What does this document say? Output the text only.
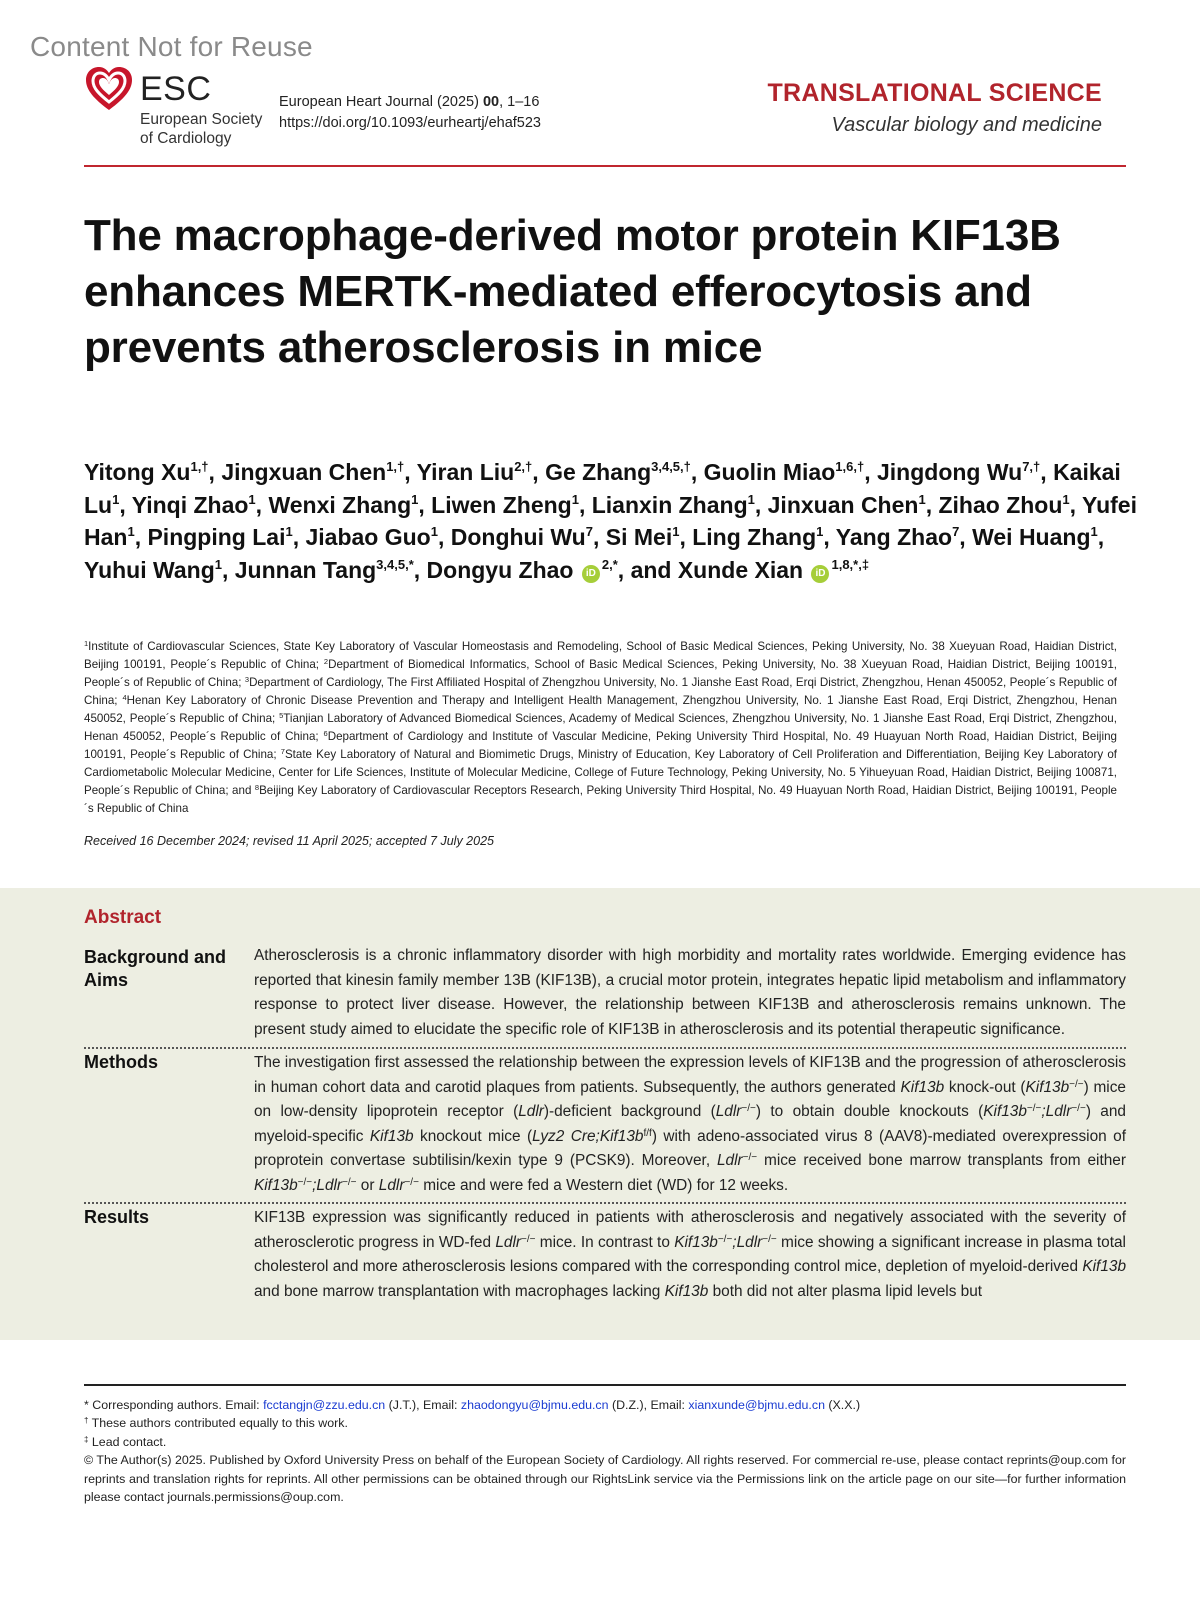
Content Not for Reuse
ESC
European Society
of Cardiology
European Heart Journal (2025) 00, 1–16
https://doi.org/10.1093/eurheartj/ehaf523
TRANSLATIONAL SCIENCE
Vascular biology and medicine
The macrophage-derived motor protein KIF13B enhances MERTK-mediated efferocytosis and prevents atherosclerosis in mice
Yitong $Xu^{1,\dagger}$, Jingxuan Chen$^{1,\dagger}$, Yiran Liu$^{2,\dagger}$, Ge Zhang$^{3,4,5,\dagger}$, Guolin Miao$^{1,6,\dagger}$, Jingdong $Wu^{7,\dagger}$, Kaikai Lu$^1$, Yinqi Zhao$^1$, Wenxi Zhang$^1$, Liwen Zheng$^1$, Lianxin Zhang$^1$, Jinxuan Chen$^1$, Zihao Zhou$^1$, Yufei Han$^1$, Pingping Lai$^1$, Jiabao Guo$^1$, Donghui Wu$^7$, Si Mei$^1$, Ling Zhang$^1$, Yang Zhao$^7$, Wei Huang$^1$, Yuhui Wang$^1$, Junnan Tang$^{3,4,5,*}$, Dongyu Zhao $iD^{2,*}$, and Xunde Xian $iD^{1,8,*,\ddagger}$
$^1$Institute of Cardiovascular Sciences, State Key Laboratory of Vascular Homeostasis and Remodeling, School of Basic Medical Sciences, Peking University, No. 38 Xueyuan Road, Haidian District, Beijing 100191, People´s Republic of China; $^2$Department of Biomedical Informatics, School of Basic Medical Sciences, Peking University, No. 38 Xueyuan Road, Haidian District, Beijing 100191, People´s of Republic of China; $^3$Department of Cardiology, The First Affiliated Hospital of Zhengzhou University, No. 1 Jianshe East Road, Erqi District, Zhengzhou, Henan 450052, People´s Republic of China; $^4$Henan Key Laboratory of Chronic Disease Prevention and Therapy and Intelligent Health Management, Zhengzhou University, No. 1 Jianshe East Road, Erqi District, Zhengzhou, Henan 450052, People´s Republic of China; $^5$Tianjian Laboratory of Advanced Biomedical Sciences, Academy of Medical Sciences, Zhengzhou University, No. 1 Jianshe East Road, Erqi District, Zhengzhou, Henan 450052, People´s Republic of China; $^6$Department of Cardiology and Institute of Vascular Medicine, Peking University Third Hospital, No. 49 Huayuan North Road, Haidian District, Beijing 100191, People´s Republic of China; $^7$State Key Laboratory of Natural and Biomimetic Drugs, Ministry of Education, Key Laboratory of Cell Proliferation and Differentiation, Beijing Key Laboratory of Cardiometabolic Molecular Medicine, Center for Life Sciences, Institute of Molecular Medicine, College of Future Technology, Peking University, No. 5 Yihueyuan Road, Haidian District, Beijing 100871, People´s Republic of China; and $^8$Beijing Key Laboratory of Cardiovascular Receptors Research, Peking University Third Hospital, No. 49 Huayuan North Road, Haidian District, Beijing 100191, People´s Republic of China
Received 16 December 2024; revised 11 April 2025; accepted 7 July 2025
Abstract
Background and Aims
Atherosclerosis is a chronic inflammatory disorder with high morbidity and mortality rates worldwide. Emerging evidence has reported that kinesin family member 13B (KIF13B), a crucial motor protein, integrates hepatic lipid metabolism and inflammatory response to protect liver disease. However, the relationship between KIF13B and atherosclerosis remains unknown. The present study aimed to elucidate the specific role of KIF13B in atherosclerosis and its potential therapeutic significance.
Methods	The investigation first assessed the relationship between the expression levels of KIF13B and the progression of atherosclerosis in human cohort data and carotid plaques from patients. Subsequently, the authors generated Kif13b knock-out (Kif13b−/−) mice on low-density lipoprotein receptor (Ldlr)-deficient background (Ldlr−/−) to obtain double knockouts (Kif13b−/−;Ldlr−/−) and myeloid-specific Kif13b knockout mice (Lyz2 $Cre;Kif13b^{f/f}$) with adeno-associated virus 8 (AAV8)-mediated overexpression of proprotein convertase subtilisin/kexin type 9 (PCSK9). Moreover, Ldlr−/− mice received bone marrow transplants from either Kif13b−/−;Ldlr−/− or Ldlr−/− mice and were fed a Western diet (WD) for 12 weeks.
Results	KIF13B expression was significantly reduced in patients with atherosclerosis and negatively associated with the severity of atherosclerotic progress in WD-fed Ldlr−/− mice. In contrast to Kif13b−/−;Ldlr−/− mice showing a significant increase in plasma total cholesterol and more atherosclerosis lesions compared with the corresponding control mice, depletion of myeloid-derived Kif13b and bone marrow transplantation with macrophages lacking Kif13b both did not alter plasma lipid levels but
* Corresponding authors. Email: fcctangjn@zzu.edu.cn (J.T.), Email: zhaodongyu@bjmu.edu.cn (D.Z.), Email: xianxunde@bjmu.edu.cn (X.X.)
† These authors contributed equally to this work.
‡ Lead contact.
© The Author(s) 2025. Published by Oxford University Press on behalf of the European Society of Cardiology. All rights reserved. For commercial re-use, please contact reprints@oup.com for reprints and translation rights for reprints. All other permissions can be obtained through our RightsLink service via the Permissions link on the article page on our site—for further information please contact journals.permissions@oup.com.
